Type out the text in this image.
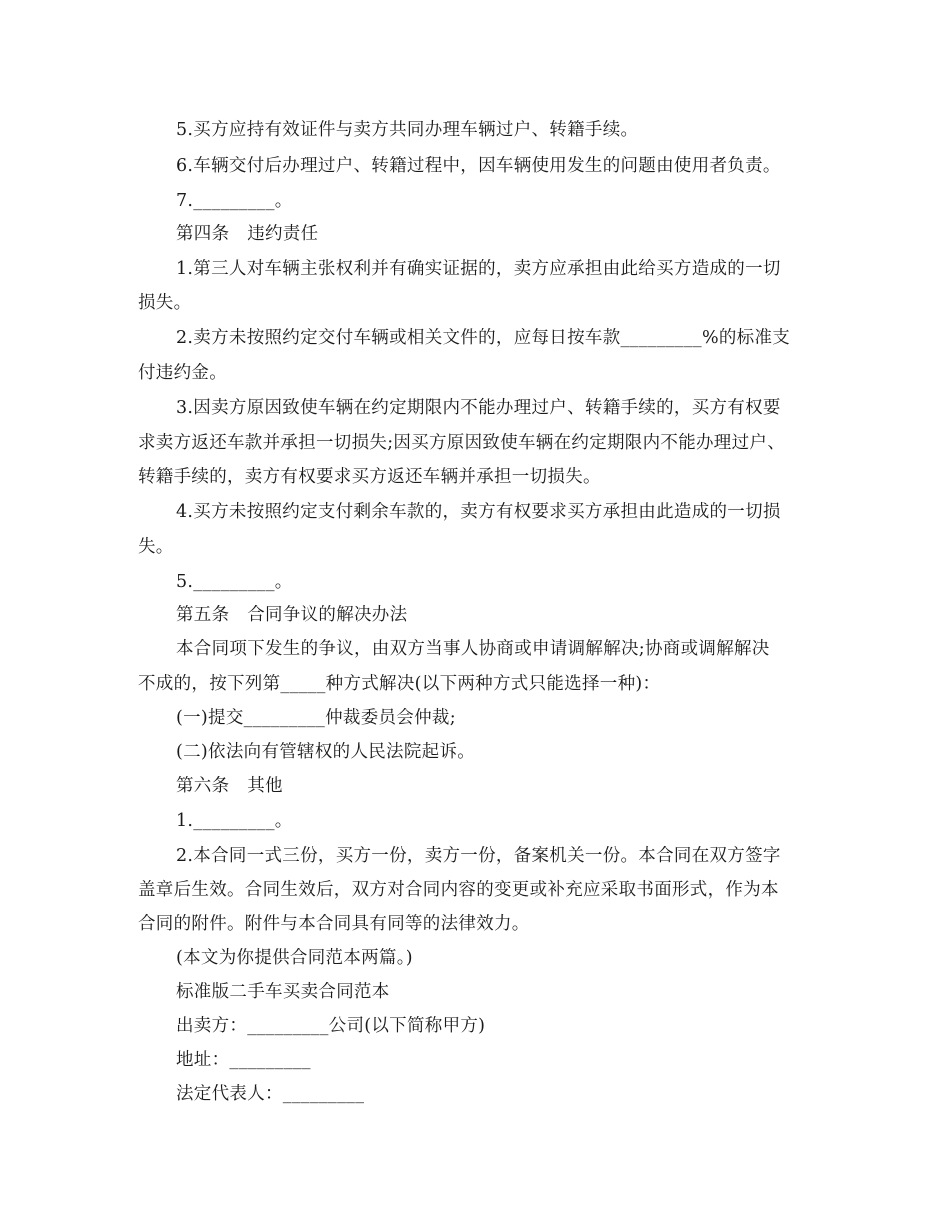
5.买方应持有效证件与卖方共同办理车辆过户、转籍手续。
6.车辆交付后办理过户、转籍过程中，因车辆使用发生的问题由使用者负责。
7._________。
第四条　违约责任
1.第三人对车辆主张权利并有确实证据的，卖方应承担由此给买方造成的一切
损失。
2.卖方未按照约定交付车辆或相关文件的，应每日按车款_________%的标准支
付违约金。
3.因卖方原因致使车辆在约定期限内不能办理过户、转籍手续的，买方有权要
求卖方返还车款并承担一切损失;因买方原因致使车辆在约定期限内不能办理过户、
转籍手续的，卖方有权要求买方返还车辆并承担一切损失。
4.买方未按照约定支付剩余车款的，卖方有权要求买方承担由此造成的一切损
失。
5._________。
第五条　合同争议的解决办法
本合同项下发生的争议，由双方当事人协商或申请调解解决;协商或调解解决
不成的，按下列第_____种方式解决(以下两种方式只能选择一种)：
(一)提交_________仲裁委员会仲裁;
(二)依法向有管辖权的人民法院起诉。
第六条　其他
1._________。
2.本合同一式三份，买方一份，卖方一份，备案机关一份。本合同在双方签字
盖章后生效。合同生效后，双方对合同内容的变更或补充应采取书面形式，作为本
合同的附件。附件与本合同具有同等的法律效力。
(本文为你提供合同范本两篇。)
标准版二手车买卖合同范本
出卖方：_________公司(以下简称甲方)
地址：_________
法定代表人：_________
